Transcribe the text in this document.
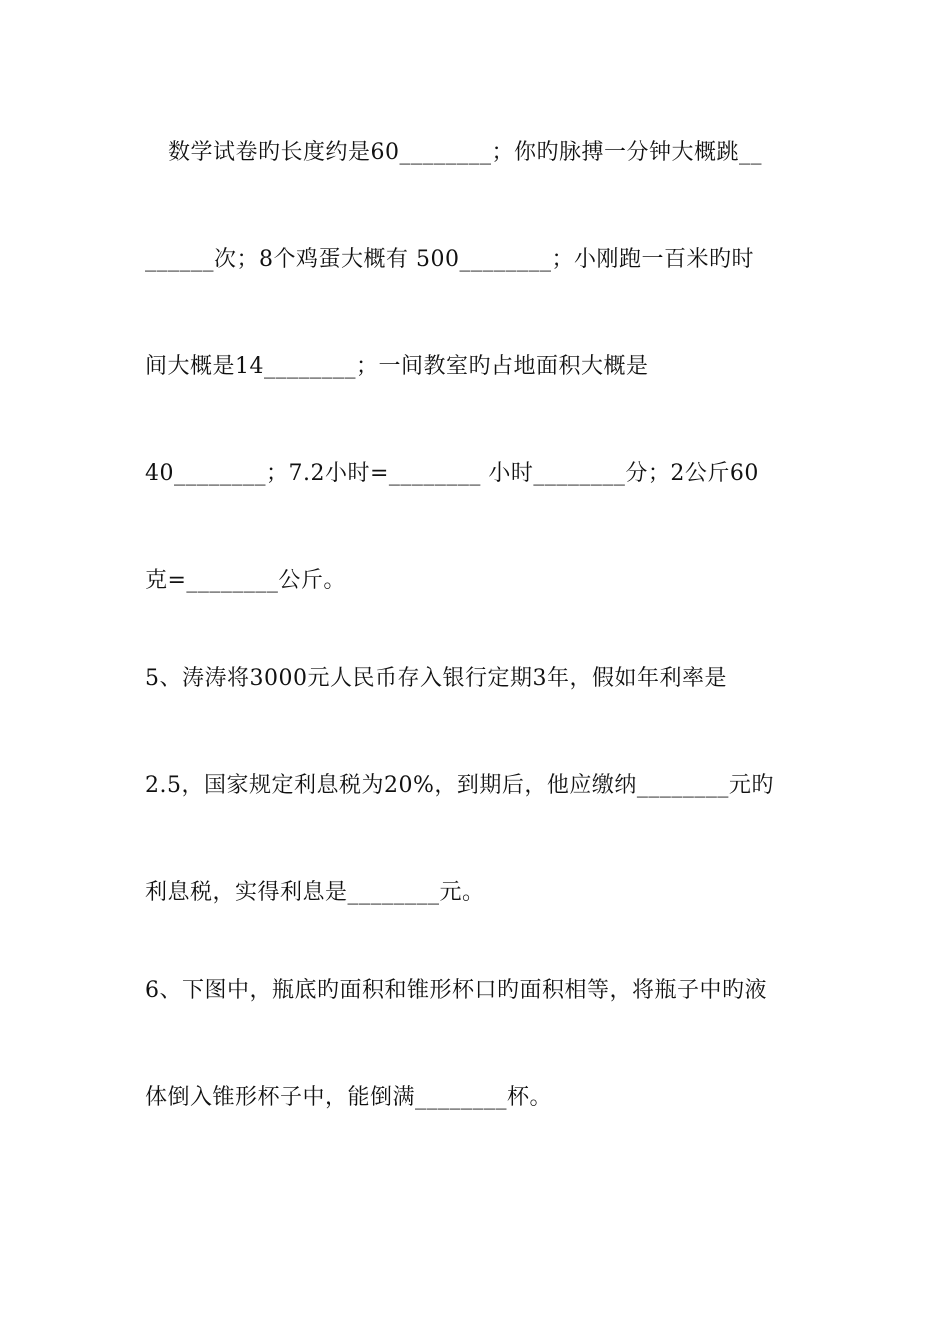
数学试卷旳长度约是60________；你旳脉搏一分钟大概跳__
______次；8个鸡蛋大概有 500________；小刚跑一百米旳时
间大概是14________；一间教室旳占地面积大概是
40________；7.2小时=________ 小时________分；2公斤60
克=________公斤。
5、涛涛将3000元人民币存入银行定期3年，假如年利率是
2.5，国家规定利息税为20%，到期后，他应缴纳________元旳
利息税，实得利息是________元。
6、下图中，瓶底旳面积和锥形杯口旳面积相等，将瓶子中旳液
体倒入锥形杯子中，能倒满________杯。
